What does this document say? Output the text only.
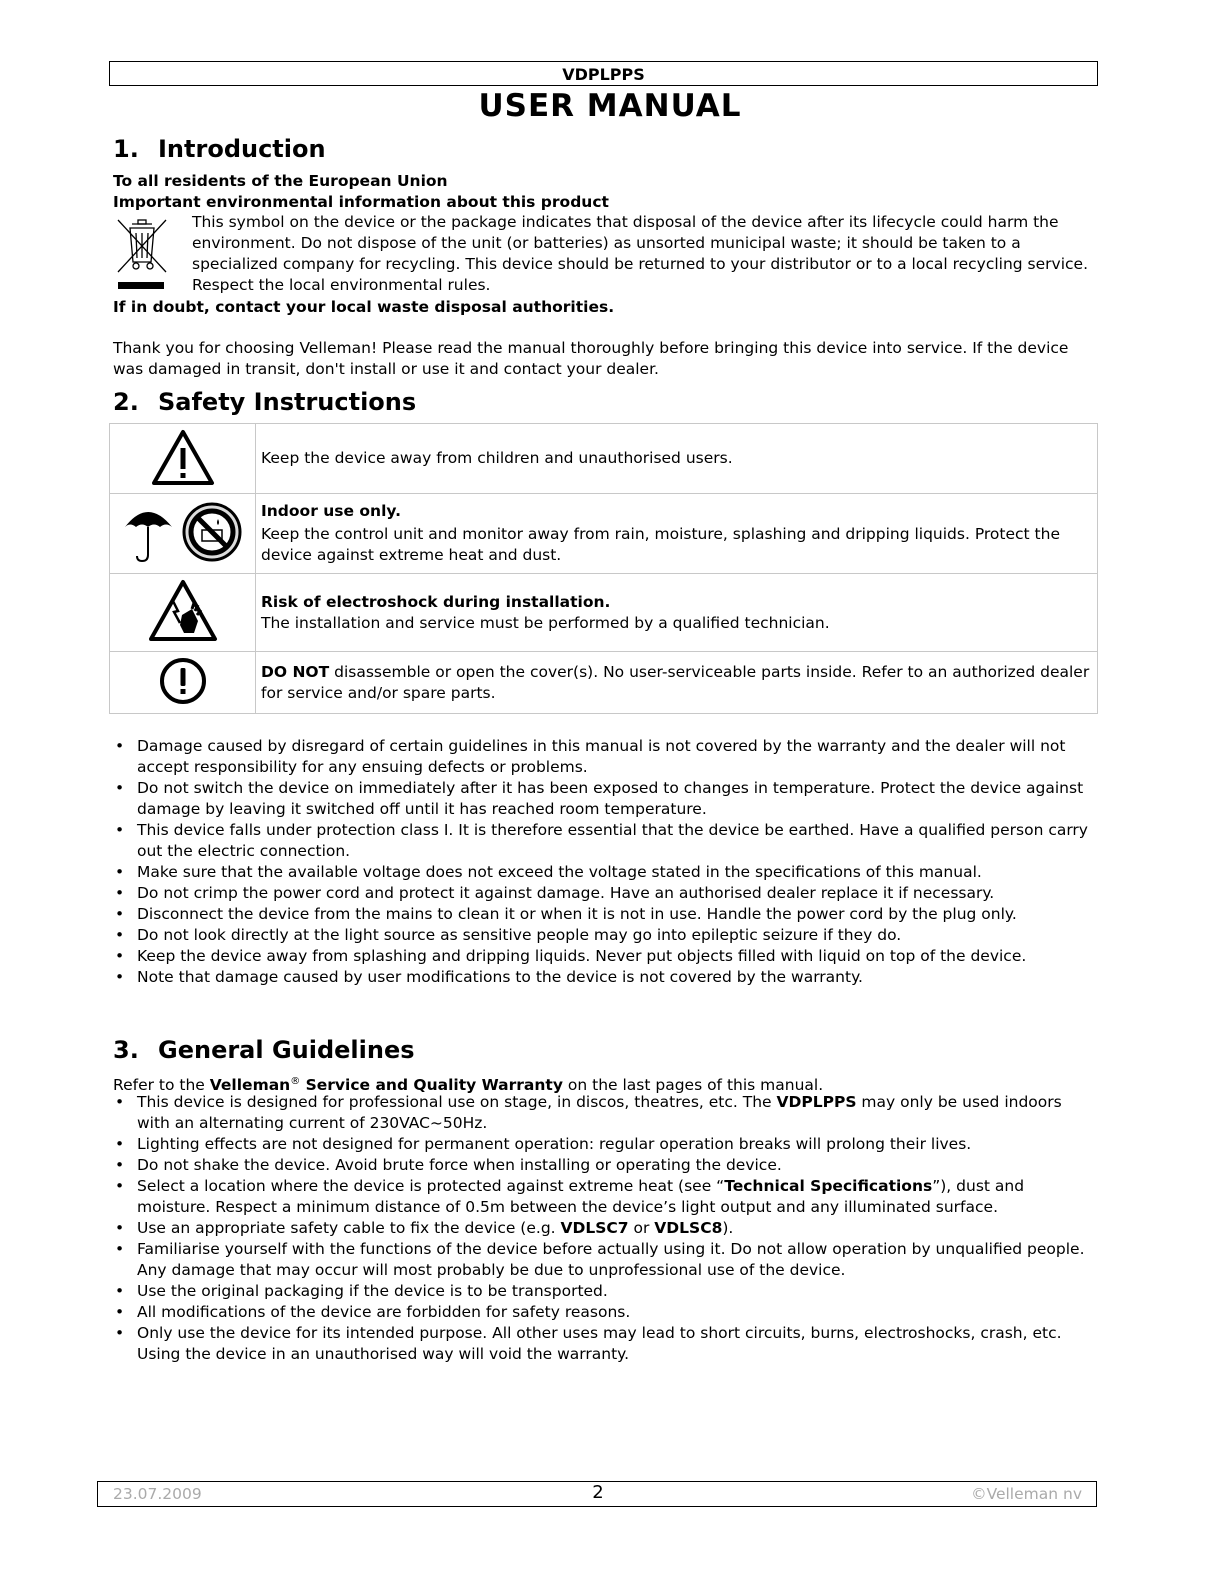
VDPLPPS
USER MANUAL
1. Introduction
To all residents of the European Union
Important environmental information about this product
This symbol on the device or the package indicates that disposal of the device after its lifecycle could harm the environment. Do not dispose of the unit (or batteries) as unsorted municipal waste; it should be taken to a specialized company for recycling. This device should be returned to your distributor or to a local recycling service. Respect the local environmental rules.
If in doubt, contact your local waste disposal authorities.
Thank you for choosing Velleman! Please read the manual thoroughly before bringing this device into service. If the device was damaged in transit, don't install or use it and contact your dealer.
2. Safety Instructions
	Keep the device away from children and unauthorised users.

Indoor use only.
Keep the control unit and monitor away from rain, moisture, splashing and dripping liquids. Protect the device against extreme heat and dust.

Risk of electroshock during installation.
The installation and service must be performed by a qualified technician.

	DO NOT disassemble or open the cover(s). No user-serviceable parts inside. Refer to an authorized dealer for service and/or spare parts.
• Damage caused by disregard of certain guidelines in this manual is not covered by the warranty and the dealer will not accept responsibility for any ensuing defects or problems.
• Do not switch the device on immediately after it has been exposed to changes in temperature. Protect the device against damage by leaving it switched off until it has reached room temperature.
• This device falls under protection class I. It is therefore essential that the device be earthed. Have a qualified person carry out the electric connection.
• Make sure that the available voltage does not exceed the voltage stated in the specifications of this manual.
• Do not crimp the power cord and protect it against damage. Have an authorised dealer replace it if necessary.
• Disconnect the device from the mains to clean it or when it is not in use. Handle the power cord by the plug only.
• Do not look directly at the light source as sensitive people may go into epileptic seizure if they do.
• Keep the device away from splashing and dripping liquids. Never put objects filled with liquid on top of the device.
• Note that damage caused by user modifications to the device is not covered by the warranty.
3. General Guidelines
Refer to the Velleman® Service and Quality Warranty on the last pages of this manual.
• This device is designed for professional use on stage, in discos, theatres, etc. The VDPLPPS may only be used indoors with an alternating current of 230VAC~50Hz.
• Lighting effects are not designed for permanent operation: regular operation breaks will prolong their lives.
• Do not shake the device. Avoid brute force when installing or operating the device.
• Select a location where the device is protected against extreme heat (see “Technical Specifications”), dust and moisture. Respect a minimum distance of 0.5m between the device’s light output and any illuminated surface.
• Use an appropriate safety cable to fix the device (e.g. VDLSC7 or VDLSC8).
• Familiarise yourself with the functions of the device before actually using it. Do not allow operation by unqualified people. Any damage that may occur will most probably be due to unprofessional use of the device.
• Use the original packaging if the device is to be transported.
• All modifications of the device are forbidden for safety reasons.
• Only use the device for its intended purpose. All other uses may lead to short circuits, burns, electroshocks, crash, etc. Using the device in an unauthorised way will void the warranty.
23.07.2009	2	©Velleman nv
